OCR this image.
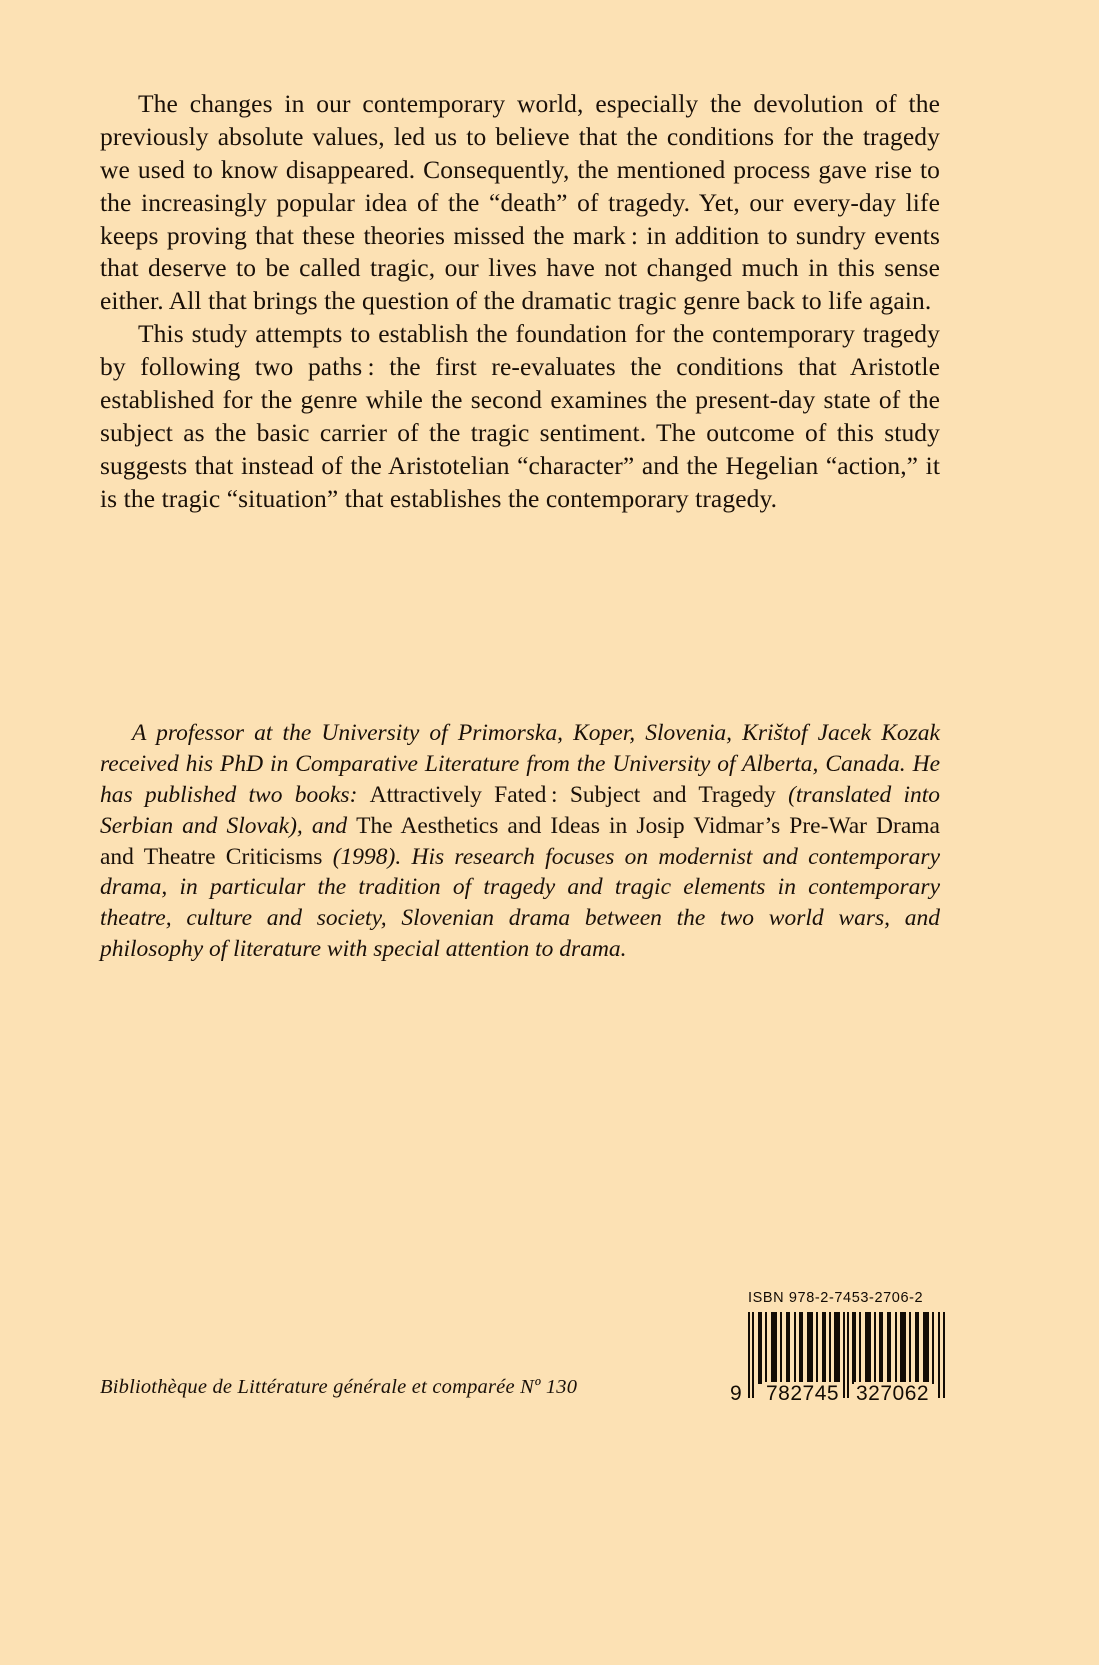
The changes in our contemporary world, especially the devolution of the previously absolute values, led us to believe that the conditions for the tragedy we used to know disappeared. Consequently, the mentioned process gave rise to the increasingly popular idea of the “death” of tragedy. Yet, our every-day life keeps proving that these theories missed the mark : in addition to sundry events that deserve to be called tragic, our lives have not changed much in this sense either. All that brings the question of the dramatic tragic genre back to life again.

This study attempts to establish the foundation for the contemporary tragedy by following two paths : the first re-evaluates the conditions that Aristotle established for the genre while the second examines the present-day state of the subject as the basic carrier of the tragic sentiment. The outcome of this study suggests that instead of the Aristotelian “character” and the Hegelian “action,” it is the tragic “situation” that establishes the contemporary tragedy.

A professor at the University of Primorska, Koper, Slovenia, Krištof Jacek Kozak received his PhD in Comparative Literature from the University of Alberta, Canada. He has published two books: Attractively Fated : Subject and Tragedy (translated into Serbian and Slovak), and The Aesthetics and Ideas in Josip Vidmar’s Pre-War Drama and Theatre Criticisms (1998). His research focuses on modernist and contemporary drama, in particular the tradition of tragedy and tragic elements in contemporary theatre, culture and society, Slovenian drama between the two world wars, and philosophy of literature with special attention to drama.

Bibliothèque de Littérature générale et comparée Nº 130
ISBN 978-2-7453-2706-2
9 782745 327062
